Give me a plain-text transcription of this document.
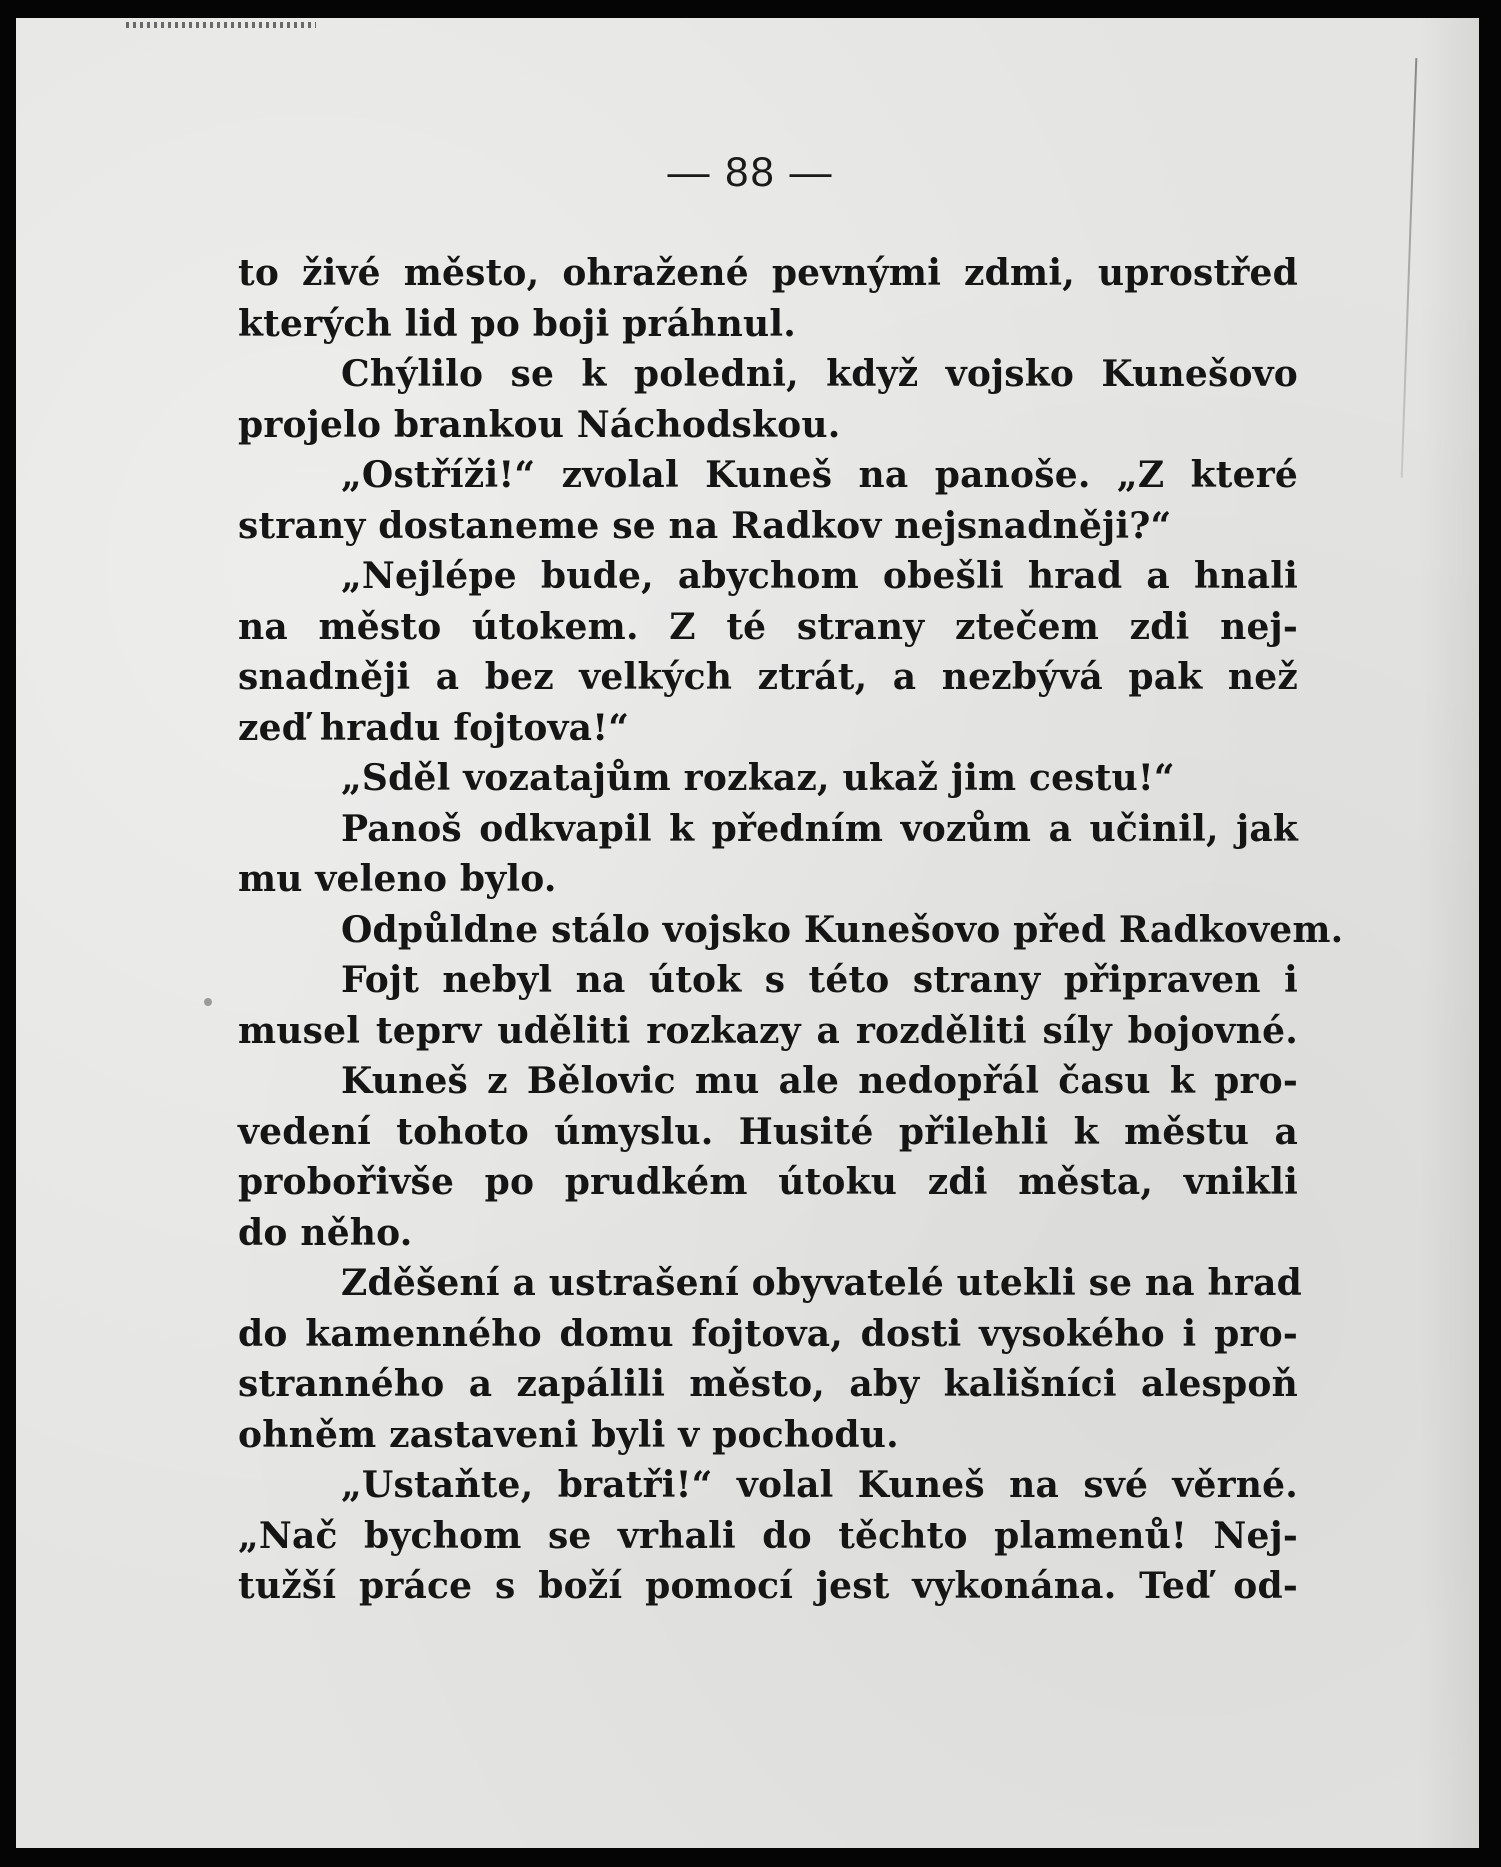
— 88 —
to živé město, ohražené pevnými zdmi, uprostřed
kterých lid po boji práhnul.
Chýlilo se k poledni, když vojsko Kunešovo
projelo brankou Náchodskou.
„Ostříži!“ zvolal Kuneš na panoše. „Z které
strany dostaneme se na Radkov nejsnadněji?“
„Nejlépe bude, abychom obešli hrad a hnali
na město útokem. Z té strany ztečem zdi nej-
snadněji a bez velkých ztrát, a nezbývá pak než
zeď hradu fojtova!“
„Sděl vozatajům rozkaz, ukaž jim cestu!“
Panoš odkvapil k předním vozům a učinil, jak
mu veleno bylo.
Odpůldne stálo vojsko Kunešovo před Radkovem.
Fojt nebyl na útok s této strany připraven i
musel teprv uděliti rozkazy a rozděliti síly bojovné.
Kuneš z Bělovic mu ale nedopřál času k pro-
vedení tohoto úmyslu. Husité přilehli k městu a
probořivše po prudkém útoku zdi města, vnikli
do něho.
Zděšení a ustrašení obyvatelé utekli se na hrad
do kamenného domu fojtova, dosti vysokého i pro-
stranného a zapálili město, aby kališníci alespoň
ohněm zastaveni byli v pochodu.
„Ustaňte, bratři!“ volal Kuneš na své věrné.
„Nač bychom se vrhali do těchto plamenů! Nej-
tužší práce s boží pomocí jest vykonána. Teď od-
